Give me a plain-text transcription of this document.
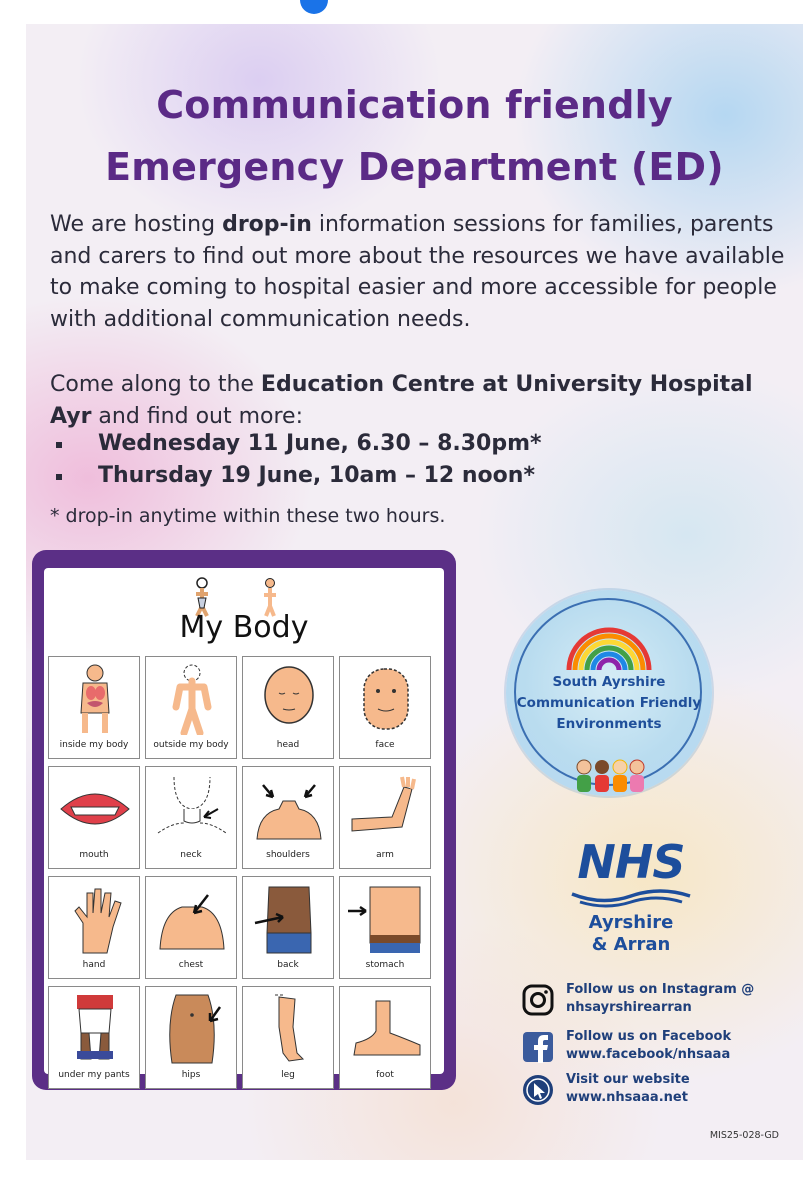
Communication friendly
Emergency Department (ED)

We are hosting drop-in information sessions for families, parents and carers to find out more about the resources we have available to make coming to hospital easier and more accessible for people with additional communication needs.

Come along to the Education Centre at University Hospital Ayr and find out more:

Wednesday 11 June, 6.30 – 8.30pm*
Thursday 19 June, 10am – 12 noon*

* drop-in anytime within these two hours.

My Body
inside my body	outside my body	head	face
mouth	neck	shoulders	arm
hand	chest	back	stomach
under my pants	hips	leg	foot
South Ayrshire
Communication Friendly
Environments
NHS
Ayrshire
& Arran
Follow us on Instagram @
nhsayrshirearran
Follow us on Facebook
www.facebook/nhsaaa
Visit our website
www.nhsaaa.net
MIS25-028-GD
